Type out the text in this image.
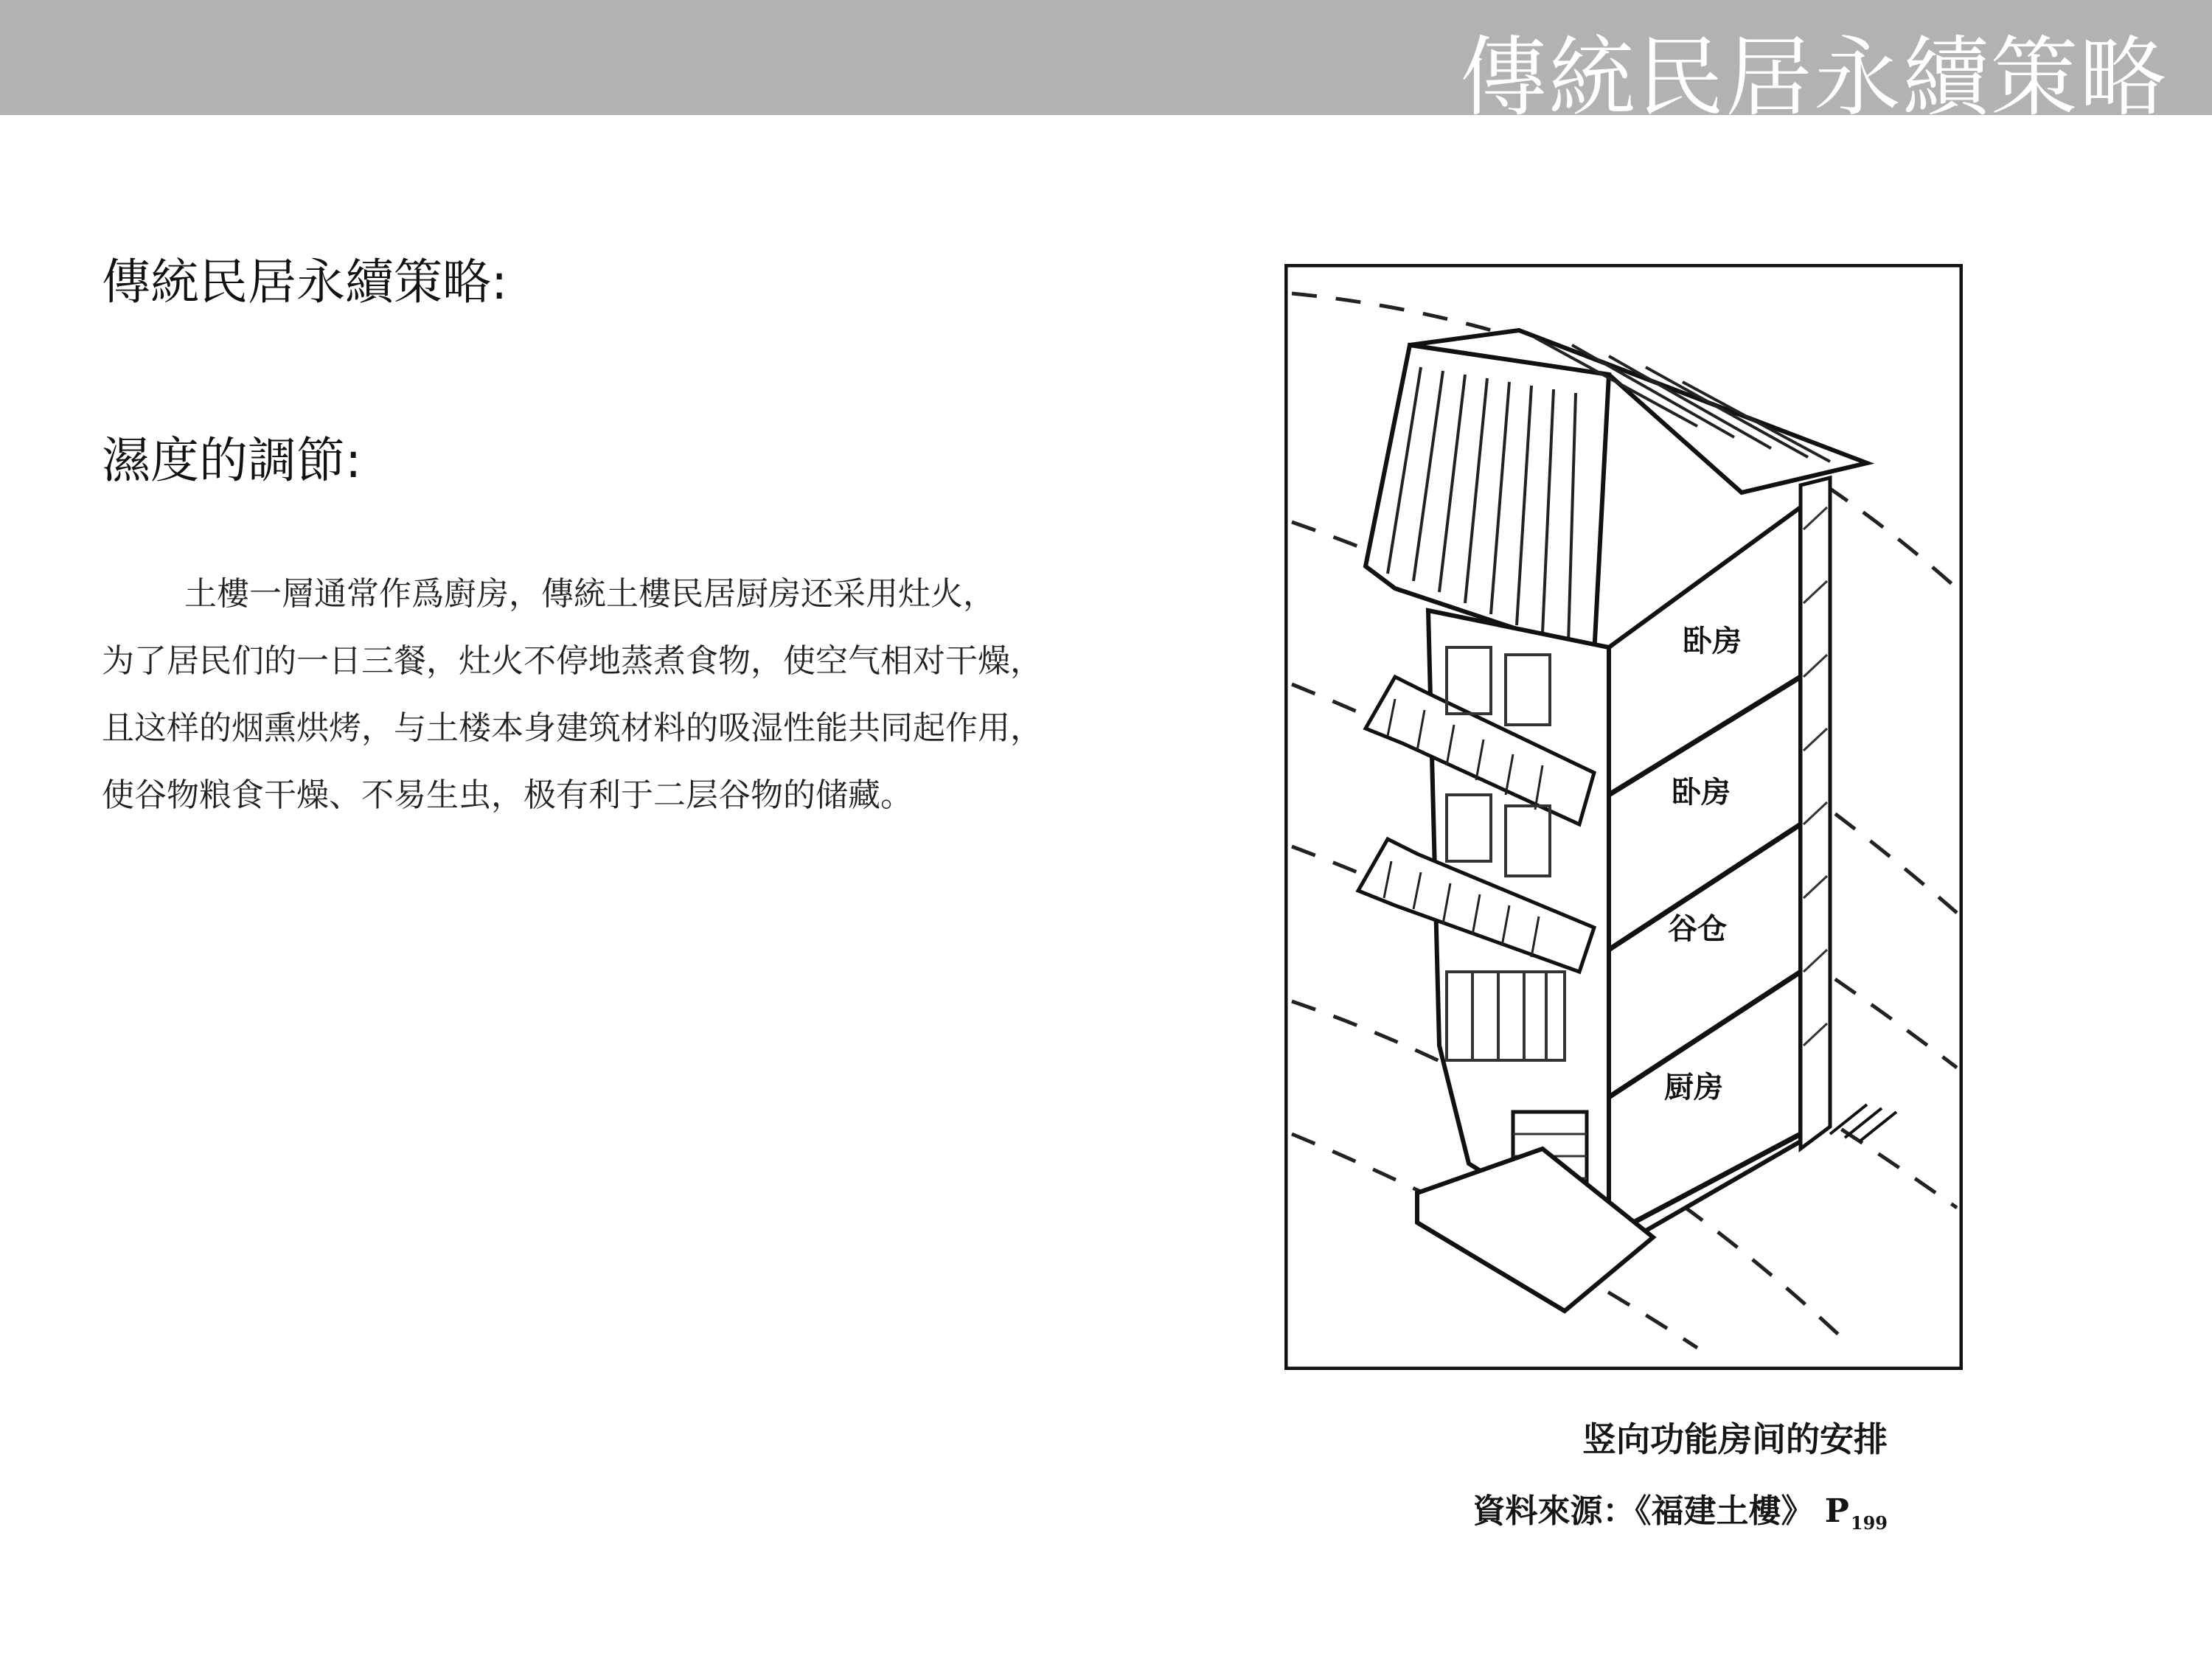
傳統民居永續策略
傳統民居永續策略:
濕度的調節:

土樓一層通常作爲廚房，傳統土樓民居厨房还采用灶火，

为了居民们的一日三餐，灶火不停地蒸煮食物，使空气相对干燥，

且这样的烟熏烘烤，与土楼本身建筑材料的吸湿性能共同起作用，

使谷物粮食干燥、不易生虫，极有利于二层谷物的储藏。

卧房
卧房
谷仓
厨房
竖向功能房间的安排
資料來源：《福建土樓》 $P_{199}$
